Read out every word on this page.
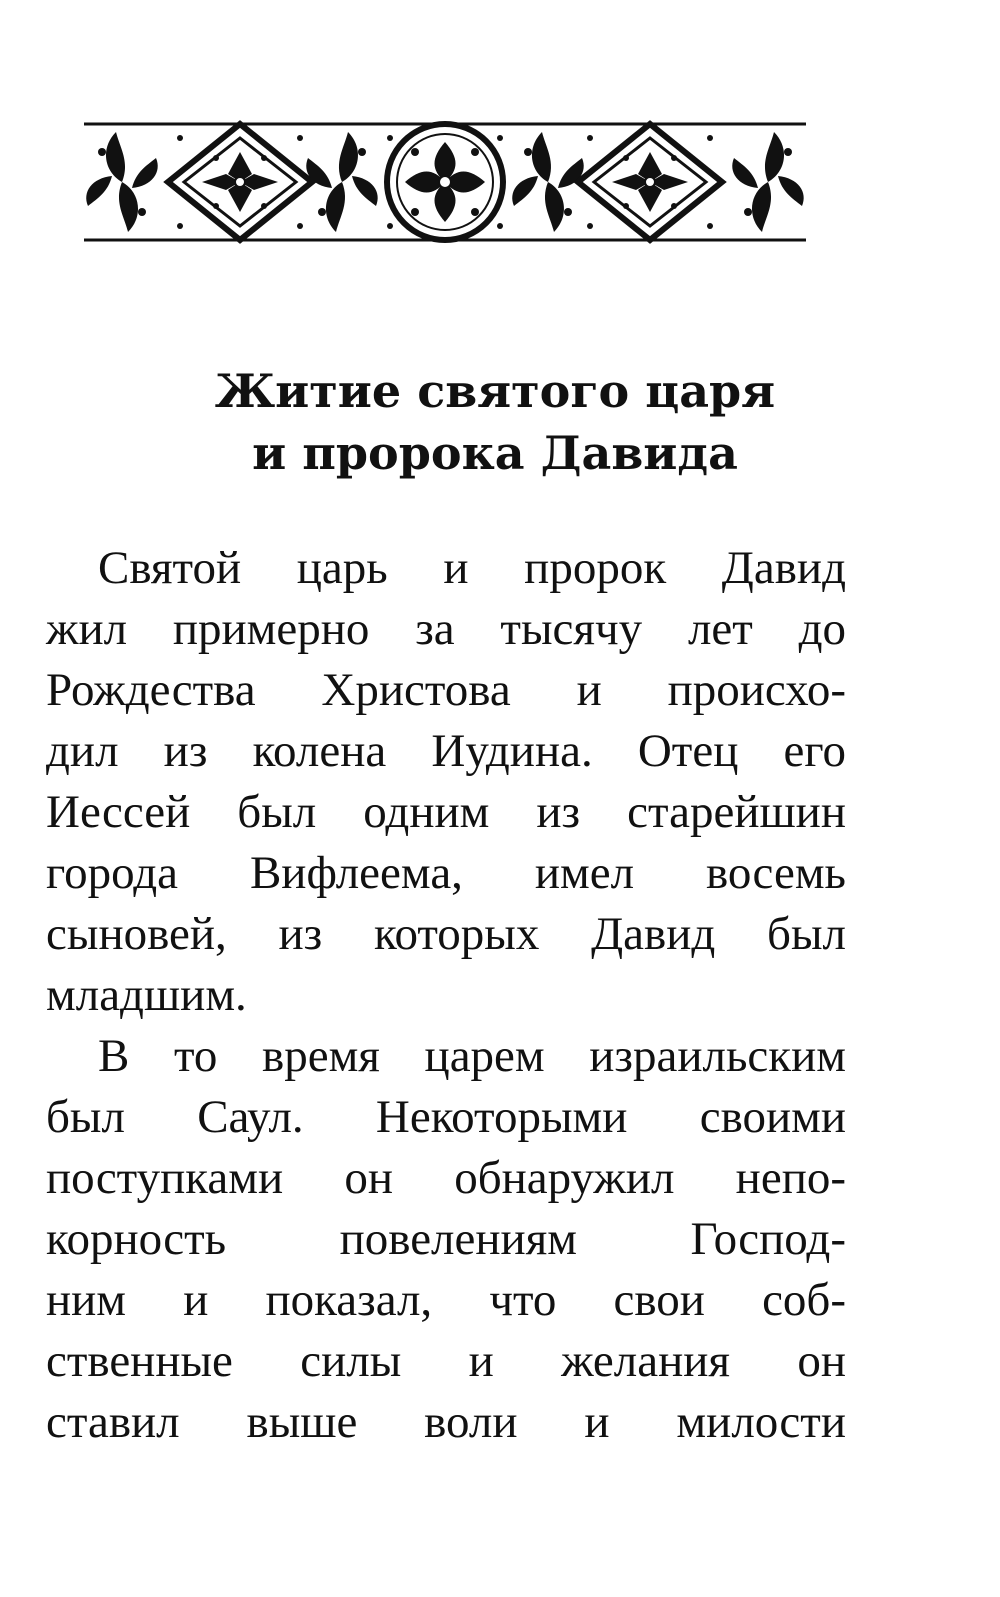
Житие святого царя
и пророка Давида
Святой царь и пророк Давид
жил примерно за тысячу лет до
Рождества Христова и происхо-
дил из колена Иудина. Отец его
Иессей был одним из старейшин
города Вифлеема, имел восемь
сыновей, из которых Давид был
младшим.
В то время царем израильским
был Саул. Некоторыми своими
поступками он обнаружил непо-
корность повелениям Господ-
ним и показал, что свои соб-
ственные силы и желания он
ставил выше воли и милости
